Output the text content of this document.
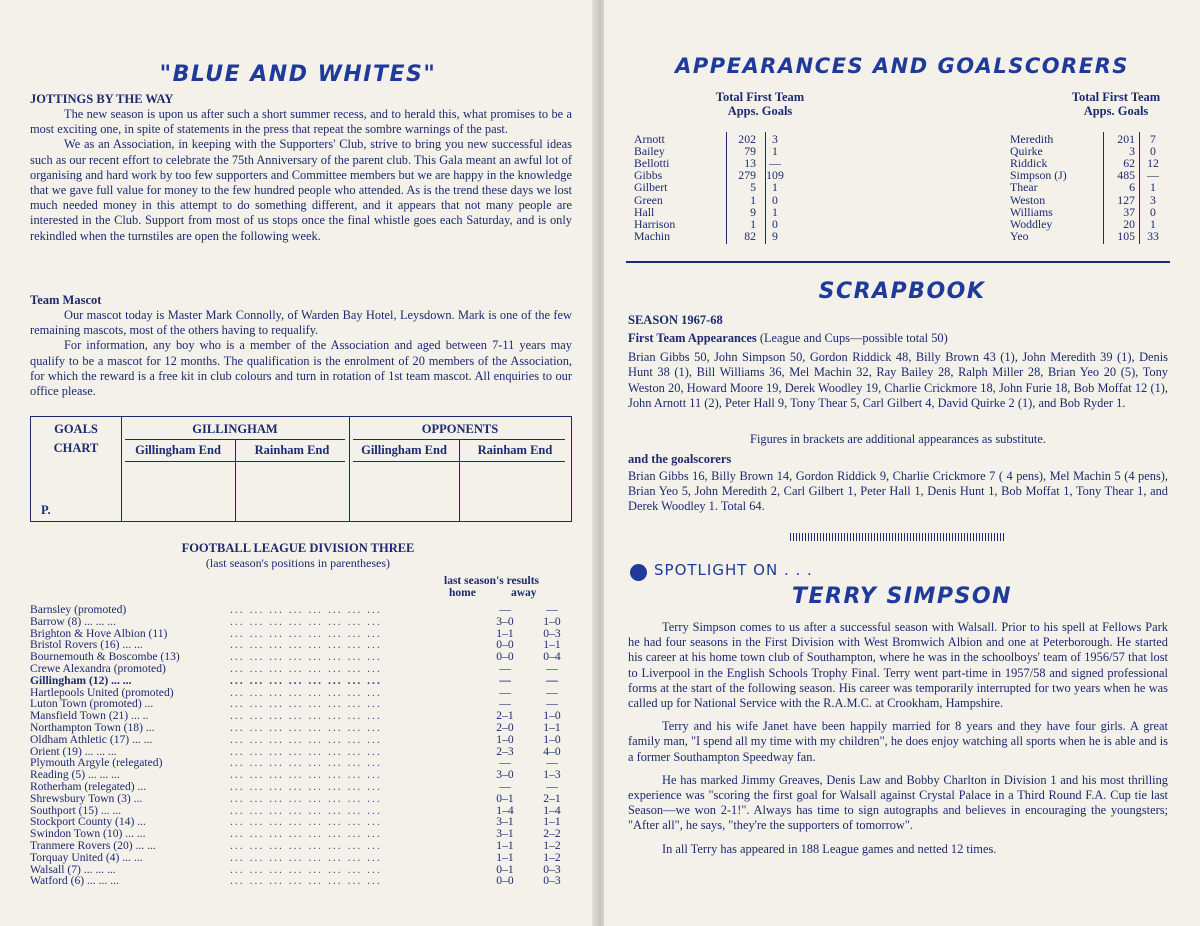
"BLUE AND WHITES"
JOTTINGS BY THE WAY

The new season is upon us after such a short summer recess, and to herald this, what promises to be a most exciting one, in spite of statements in the press that repeat the sombre warnings of the past.

We as an Association, in keeping with the Supporters' Club, strive to bring you new successful ideas such as our recent effort to celebrate the 75th Anniversary of the parent club. This Gala meant an awful lot of organising and hard work by too few supporters and Committee members but we are happy in the knowledge that we gave full value for money to the few hundred people who attended. As is the trend these days we lost much needed money in this attempt to do something different, and it appears that not many people are interested in the Club. Support from most of us stops once the final whistle goes each Saturday, and is only rekindled when the turnstiles are open the following week.

Team Mascot

Our mascot today is Master Mark Connolly, of Warden Bay Hotel, Leysdown. Mark is one of the few remaining mascots, most of the others having to requalify.

For information, any boy who is a member of the Association and aged between 7-11 years may qualify to be a mascot for 12 months. The qualification is the enrolment of 20 members of the Association, for which the reward is a free kit in club colours and turn in rotation of 1st team mascot. All enquiries to our office please.

GOALS
CHART
GILLINGHAM	OPPONENTS
Gillingham End	Rainham End	Gillingham End	Rainham End
P.
FOOTBALL LEAGUE DIVISION THREE
(last season's positions in parentheses)
last season's results
home	away
Barnsley (promoted)	... ... ... ... ... ... ... ...	—	—
Barrow (8) ... ... ...	... ... ... ... ... ... ... ...	3–0	1–0
Brighton & Hove Albion (11)	... ... ... ... ... ... ... ...	1–1	0–3
Bristol Rovers (16) ... ...	... ... ... ... ... ... ... ...	0–0	1–1
Bournemouth & Boscombe (13)	... ... ... ... ... ... ... ...	0–0	0–4
Crewe Alexandra (promoted)	... ... ... ... ... ... ... ...	—	—
Gillingham (12) ... ...	... ... ... ... ... ... ... ...	—	—
Hartlepools United (promoted)	... ... ... ... ... ... ... ...	—	—
Luton Town (promoted) ...	... ... ... ... ... ... ... ...	—	—
Mansfield Town (21) ... ..	... ... ... ... ... ... ... ...	2–1	1–0
Northampton Town (18) ...	... ... ... ... ... ... ... ...	2–0	1–1
Oldham Athletic (17) ... ...	... ... ... ... ... ... ... ...	1–0	1–0
Orient (19) ... ... ...	... ... ... ... ... ... ... ...	2–3	4–0
Plymouth Argyle (relegated)	... ... ... ... ... ... ... ...	—	—
Reading (5) ... ... ...	... ... ... ... ... ... ... ...	3–0	1–3
Rotherham (relegated) ...	... ... ... ... ... ... ... ...	—	—
Shrewsbury Town (3) ...	... ... ... ... ... ... ... ...	0–1	2–1
Southport (15) ... ...	... ... ... ... ... ... ... ...	1–4	1–4
Stockport County (14) ...	... ... ... ... ... ... ... ...	3–1	1–1
Swindon Town (10) ... ...	... ... ... ... ... ... ... ...	3–1	2–2
Tranmere Rovers (20) ... ...	... ... ... ... ... ... ... ...	1–1	1–2
Torquay United (4) ... ...	... ... ... ... ... ... ... ...	1–1	1–2
Walsall (7) ... ... ...	... ... ... ... ... ... ... ...	0–1	0–3
Watford (6) ... ... ...	... ... ... ... ... ... ... ...	0–0	0–3
APPEARANCES AND GOALSCORERS
Total First Team
Apps. Goals
Total First Team
Apps. Goals
Arnott	202	3
Bailey	79	1
Bellotti	13	—
Gibbs	279 109
Gilbert	5	1
Green	1	0
Hall	9	1
Harrison	1	0
Machin	82	9
Meredith	201	7
Quirke	3	0
Riddick	62	12
Simpson (J)	485	—
Thear	6	1
Weston	127	3
Williams	37	0
Woddley	20	1
Yeo	105	33
SCRAPBOOK
SEASON 1967-68
First Team Appearances (League and Cups—possible total 50)
Brian Gibbs 50, John Simpson 50, Gordon Riddick 48, Billy Brown 43 (1), John Meredith 39 (1), Denis Hunt 38 (1), Bill Williams 36, Mel Machin 32, Ray Bailey 28, Ralph Miller 28, Brian Yeo 20 (5), Tony Weston 20, Howard Moore 19, Derek Woodley 19, Charlie Crickmore 18, John Furie 18, Bob Moffat 12 (1), John Arnott 11 (2), Peter Hall 9, Tony Thear 5, Carl Gilbert 4, David Quirke 2 (1), and Bob Ryder 1.
Figures in brackets are additional appearances as substitute.
and the goalscorers
Brian Gibbs 16, Billy Brown 14, Gordon Riddick 9, Charlie Crickmore 7 ( 4 pens), Mel Machin 5 (4 pens), Brian Yeo 5, John Meredith 2, Carl Gilbert 1, Peter Hall 1, Denis Hunt 1, Bob Moffat 1, Tony Thear 1, and Derek Woodley 1. Total 64.
SPOTLIGHT ON . . .
TERRY SIMPSON

Terry Simpson comes to us after a successful season with Walsall. Prior to his spell at Fellows Park he had four seasons in the First Division with West Bromwich Albion and one at Peterborough. He started his career at his home town club of Southampton, where he was in the schoolboys' team of 1956/57 that lost to Liverpool in the English Schools Trophy Final. Terry went part-time in 1957/58 and signed professional forms at the start of the following season. His career was temporarily interrupted for two years when he was called up for National Service with the R.A.M.C. at Crookham, Hampshire.

Terry and his wife Janet have been happily married for 8 years and they have four girls. A great family man, "I spend all my time with my children", he does enjoy watching all sports when he is able and is a former Southampton Speedway fan.

He has marked Jimmy Greaves, Denis Law and Bobby Charlton in Division 1 and his most thrilling experience was "scoring the first goal for Walsall against Crystal Palace in a Third Round F.A. Cup tie last Season—we won 2-1!". Always has time to sign autographs and believes in encouraging the youngsters; "After all", he says, "they're the supporters of tomorrow".

In all Terry has appeared in 188 League games and netted 12 times.
